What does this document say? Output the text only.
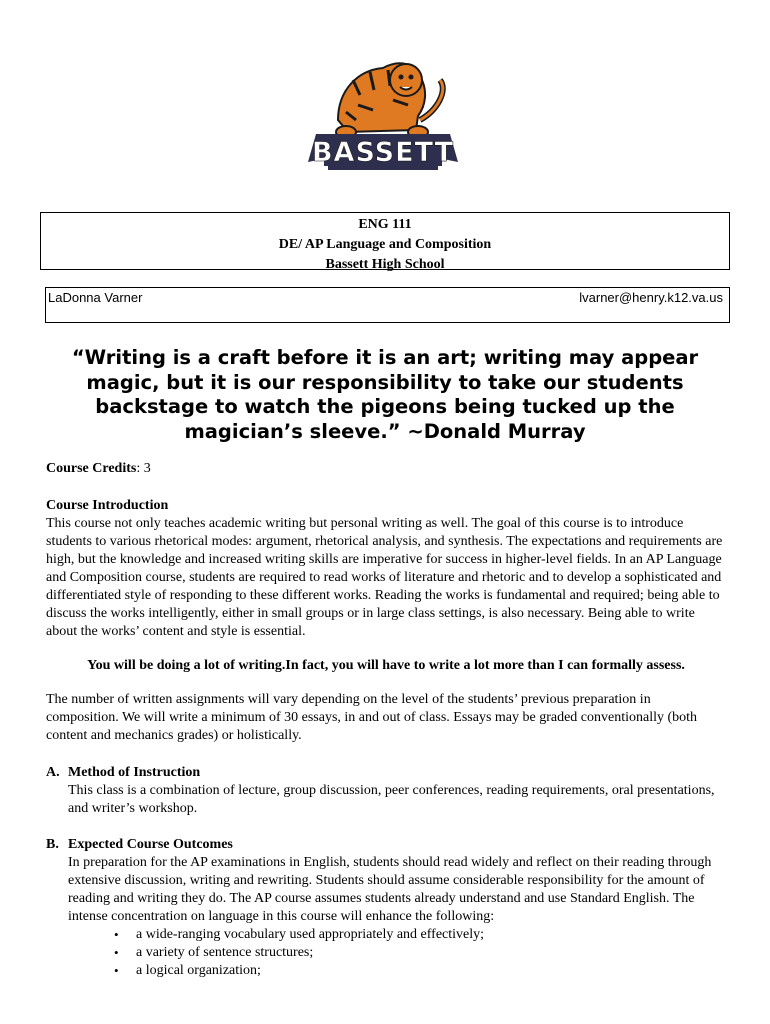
BASSETT
ENG 111
DE/ AP Language and Composition
Bassett High School
LaDonna Varner	lvarner@henry.k12.va.us
“Writing is a craft before it is an art; writing may appear magic, but it is our responsibility to take our students backstage to watch the pigeons being tucked up the magician’s sleeve.” ~Donald Murray

Course Credits: 3

Course Introduction

This course not only teaches academic writing but personal writing as well. The goal of this course is to introduce students to various rhetorical modes: argument, rhetorical analysis, and synthesis. The expectations and requirements are high, but the knowledge and increased writing skills are imperative for success in higher-level fields. In an AP Language and Composition course, students are required to read works of literature and rhetoric and to develop a sophisticated and differentiated style of responding to these different works. Reading the works is fundamental and required; being able to discuss the works intelligently, either in small groups or in large class settings, is also necessary. Being able to write about the works’ content and style is essential.

You will be doing a lot of writing.In fact, you will have to write a lot more than I can formally assess.

The number of written assignments will vary depending on the level of the students’ previous preparation in composition. We will write a minimum of 30 essays, in and out of class. Essays may be graded conventionally (both content and mechanics grades) or holistically.

A. Method of Instruction
This class is a combination of lecture, group discussion, peer conferences, reading requirements, oral presentations, and writer’s workshop.
B. Expected Course Outcomes
In preparation for the AP examinations in English, students should read widely and reflect on their reading through extensive discussion, writing and rewriting. Students should assume considerable responsibility for the amount of reading and writing they do. The AP course assumes students already understand and use Standard English. The intense concentration on language in this course will enhance the following:
• a wide-ranging vocabulary used appropriately and effectively;
• a variety of sentence structures;
• a logical organization;
